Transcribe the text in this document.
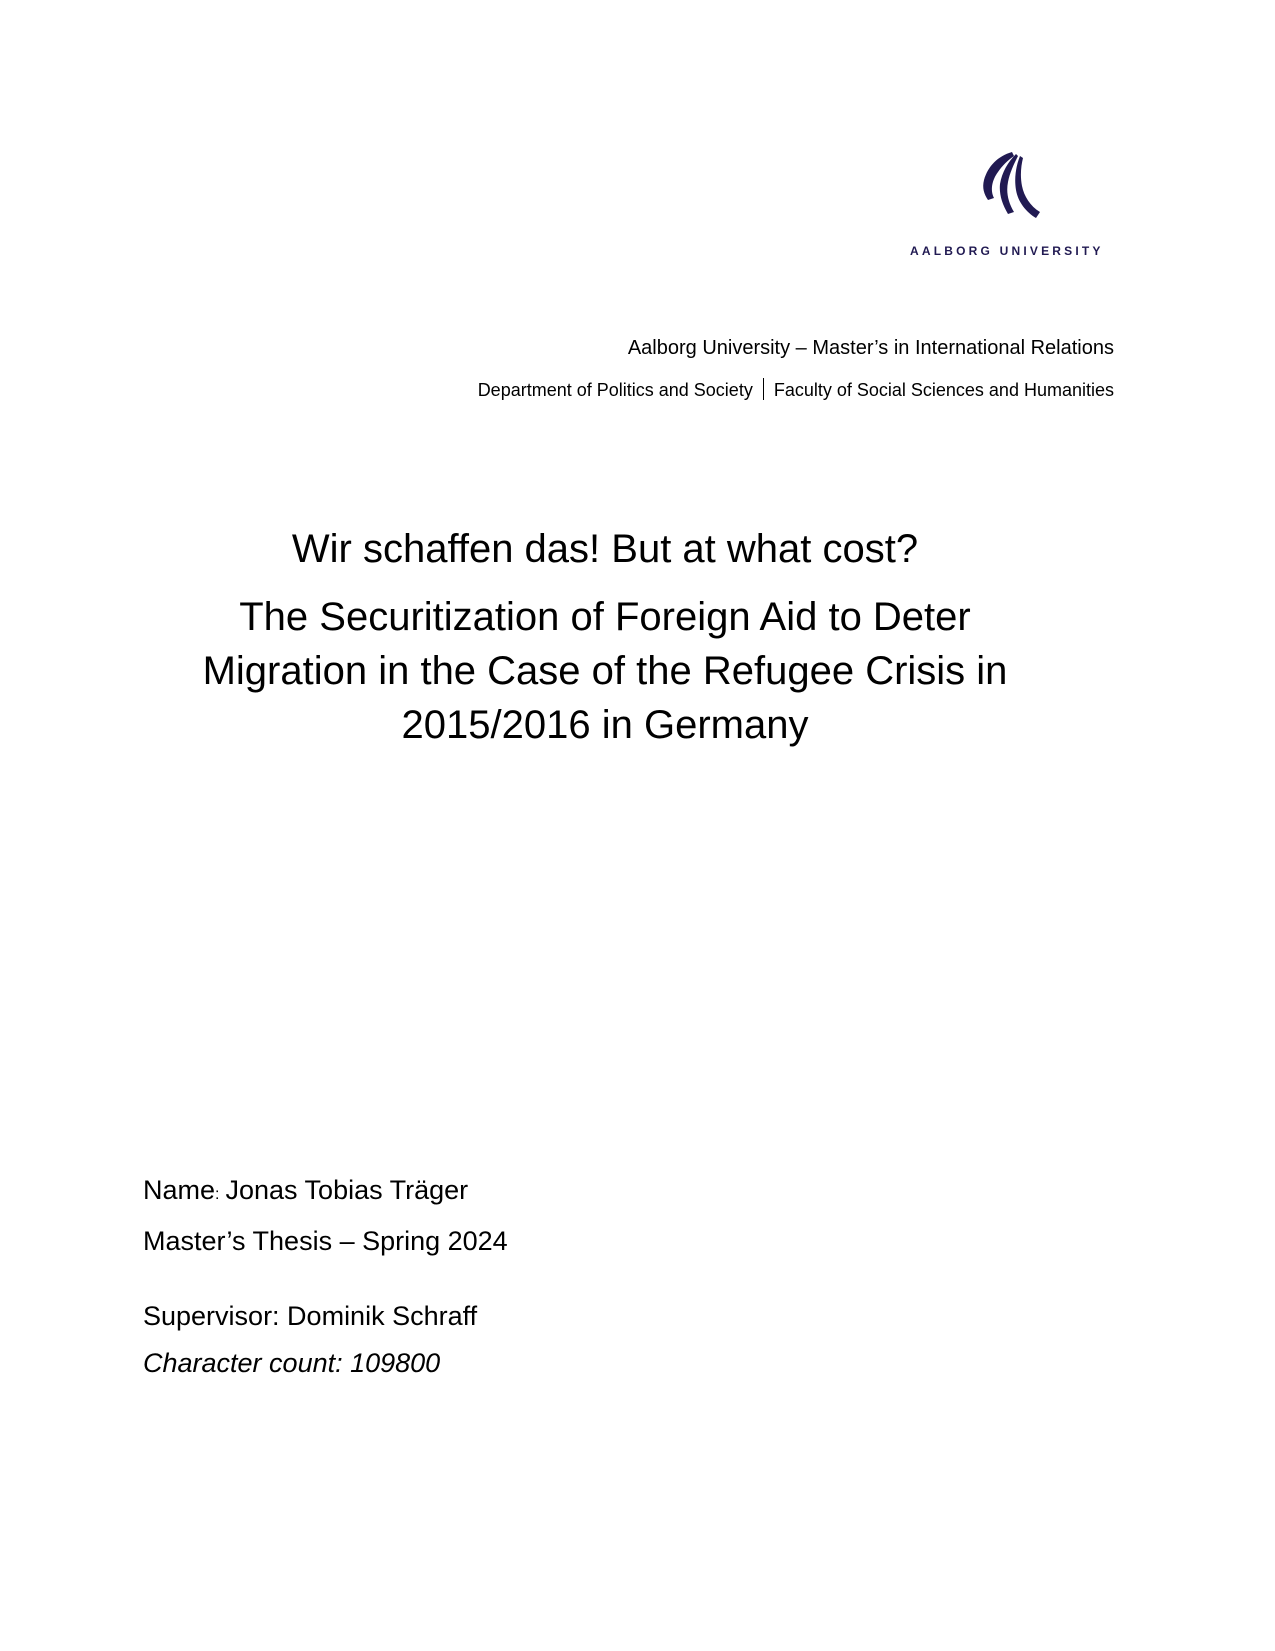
AALBORG UNIVERSITY
Aalborg University – Master’s in International Relations
Department of Politics and Society Faculty of Social Sciences and Humanities
Wir schaffen das! But at what cost?
The Securitization of Foreign Aid to Deter
Migration in the Case of the Refugee Crisis in
2015/2016 in Germany
Name: Jonas Tobias Träger
Master’s Thesis – Spring 2024
Supervisor: Dominik Schraff
Character count: 109800
